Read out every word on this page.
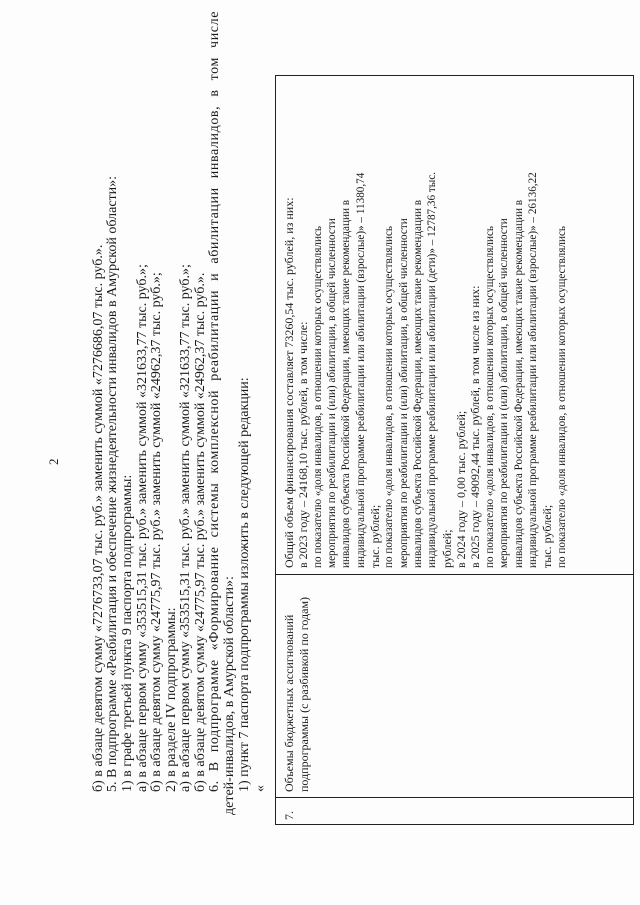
2 б) в абзаце девятом сумму «7276733,07 тыс. руб.» заменить суммой «7276686,07 тыс. руб.». 5. В подпрограмме «Реабилитация и обеспечение жизнедеятельности инвалидов в Амурской области»: 1) в графе третьей пункта 9 паспорта подпрограммы: а) в абзаце первом сумму «353515,31 тыс. руб.» заменить суммой «321633,77 тыс. руб.»; б) в абзаце девятом сумму «24775,97 тыс. руб.» заменить суммой «24962,37 тыс. руб.»; 2) в разделе IV подпрограммы: а) в абзаце первом сумму «353515,31 тыс. руб.» заменить суммой «321633,77 тыс. руб.»; б) в абзаце девятом сумму «24775,97 тыс. руб.» заменить суммой «24962,37 тыс. руб.». 6. В подпрограмме «Формирование системы комплексной реабилитации и абилитации инвалидов, в том числе детей-инвалидов, в Амурской области»: 1) пункт 7 паспорта подпрограммы изложить в следующей редакции: «
7.
Объемы бюджетных ассигнований подпрограммы (с разбивкой по годам)
Общий объем финансирования составляет 73260,54 тыс. рублей, из них: в 2023 году – 24168,10 тыс. рублей, в том числе: по показателю «доля инвалидов, в отношении которых осуществлялись мероприятия по реабилитации и (или) абилитации, в общей численности инвалидов субъекта Российской Федерации, имеющих такие рекомендации в индивидуальной программе реабилитации или абилитации (взрослые)» – 11380,74 тыс. рублей; по показателю «доля инвалидов, в отношении которых осуществлялись мероприятия по реабилитации и (или) абилитации, в общей численности инвалидов субъекта Российской Федерации, имеющих такие рекомендации в индивидуальной программе реабилитации или абилитации (дети)» – 12787,36 тыс. рублей; в 2024 году – 0,00 тыс. рублей; в 2025 году – 49092,44 тыс. рублей, в том числе из них: по показателю «доля инвалидов, в отношении которых осуществлялись мероприятия по реабилитации и (или) абилитации, в общей численности инвалидов субъекта Российской Федерации, имеющих такие рекомендации в индивидуальной программе реабилитации или абилитации (взрослые)» – 26136,22 тыс. рублей; по показателю «доля инвалидов, в отношении которых осуществлялись
